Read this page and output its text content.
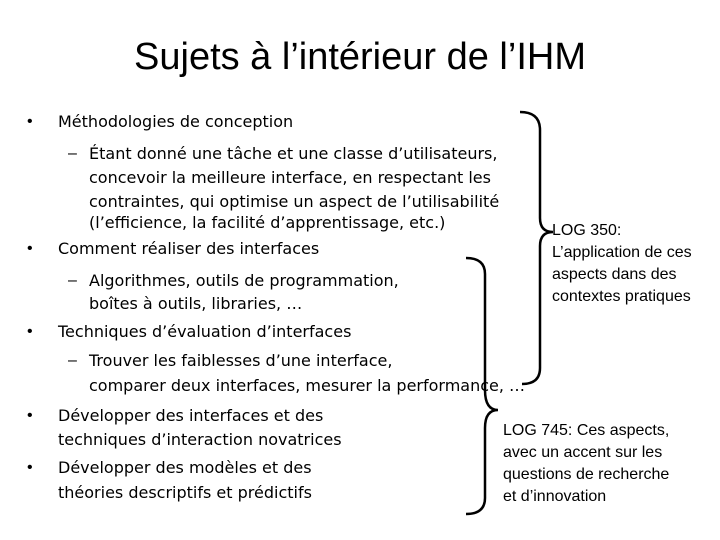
Sujets à l’intérieur de l’IHM
• Méthodologies de conception
– Étant donné une tâche et une classe d’utilisateurs,
concevoir la meilleure interface, en respectant les
contraintes, qui optimise un aspect de l’utilisabilité
(l’efficience, la facilité d’apprentissage, etc.)
• Comment réaliser des interfaces
– Algorithmes, outils de programmation,
boîtes à outils, libraries, …
• Techniques d’évaluation d’interfaces
– Trouver les faiblesses d’une interface,
comparer deux interfaces, mesurer la performance, …
• Développer des interfaces et des
techniques d’interaction novatrices
• Développer des modèles et des
théories descriptifs et prédictifs
LOG 350:
L’application de ces
aspects dans des
contextes pratiques
LOG 745: Ces aspects,
avec un accent sur les
questions de recherche
et d’innovation
